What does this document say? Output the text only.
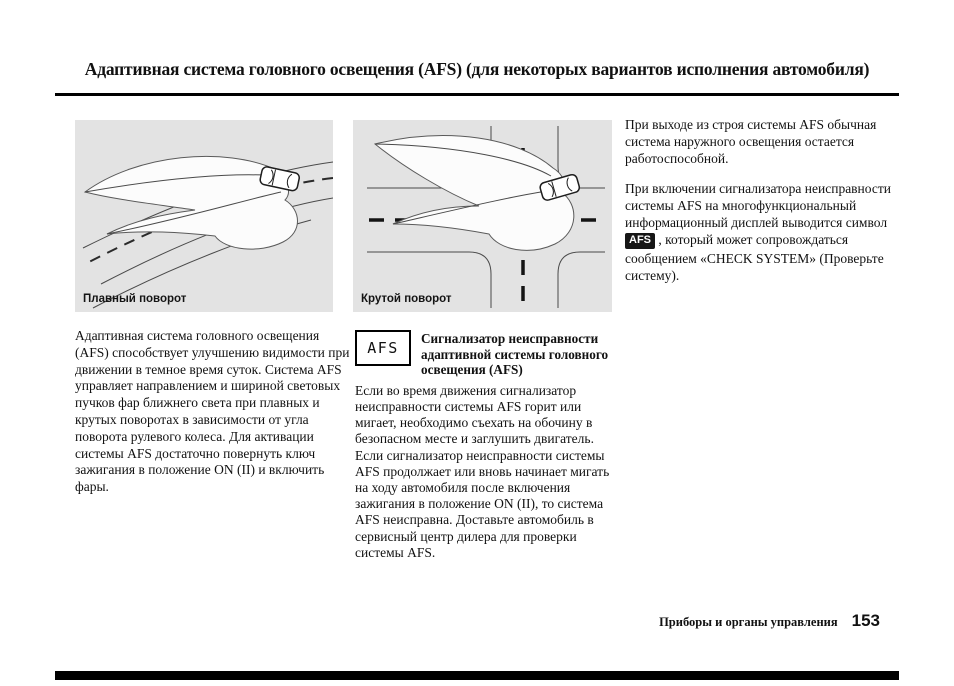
Адаптивная система головного освещения (AFS) (для некоторых вариантов исполнения автомобиля)
Плавный поворот	Крутой поворот

При выходе из строя системы AFS обычная система наружного освещения остается работоспособной.

При включении сигнализатора неисправности системы AFS на многофункциональный информационный дисплей выводится символ AFS , который может сопровождаться сообщением «CHECK SYSTEM» (Проверьте систему).

Адаптивная система головного освещения (AFS) способствует улучшению видимости при движении в темное время суток. Система AFS управляет направлением и шириной световых пучков фар ближнего света при плавных и крутых поворотах в зависимости от угла поворота рулевого колеса. Для активации системы AFS достаточно повернуть ключ зажигания в положение ON (II) и включить фары.

AFS
Сигнализатор неисправности адаптивной системы головного освещения (AFS)

Если во время движения сигнализатор неисправности системы AFS горит или мигает, необходимо съехать на обочину в безопасном месте и заглушить двигатель. Если сигнализатор неисправности системы AFS продолжает или вновь начинает мигать на ходу автомобиля после включения зажигания в положение ON (II), то система AFS неисправна. Доставьте автомобиль в сервисный центр дилера для проверки системы AFS.

Приборы и органы управления 153
